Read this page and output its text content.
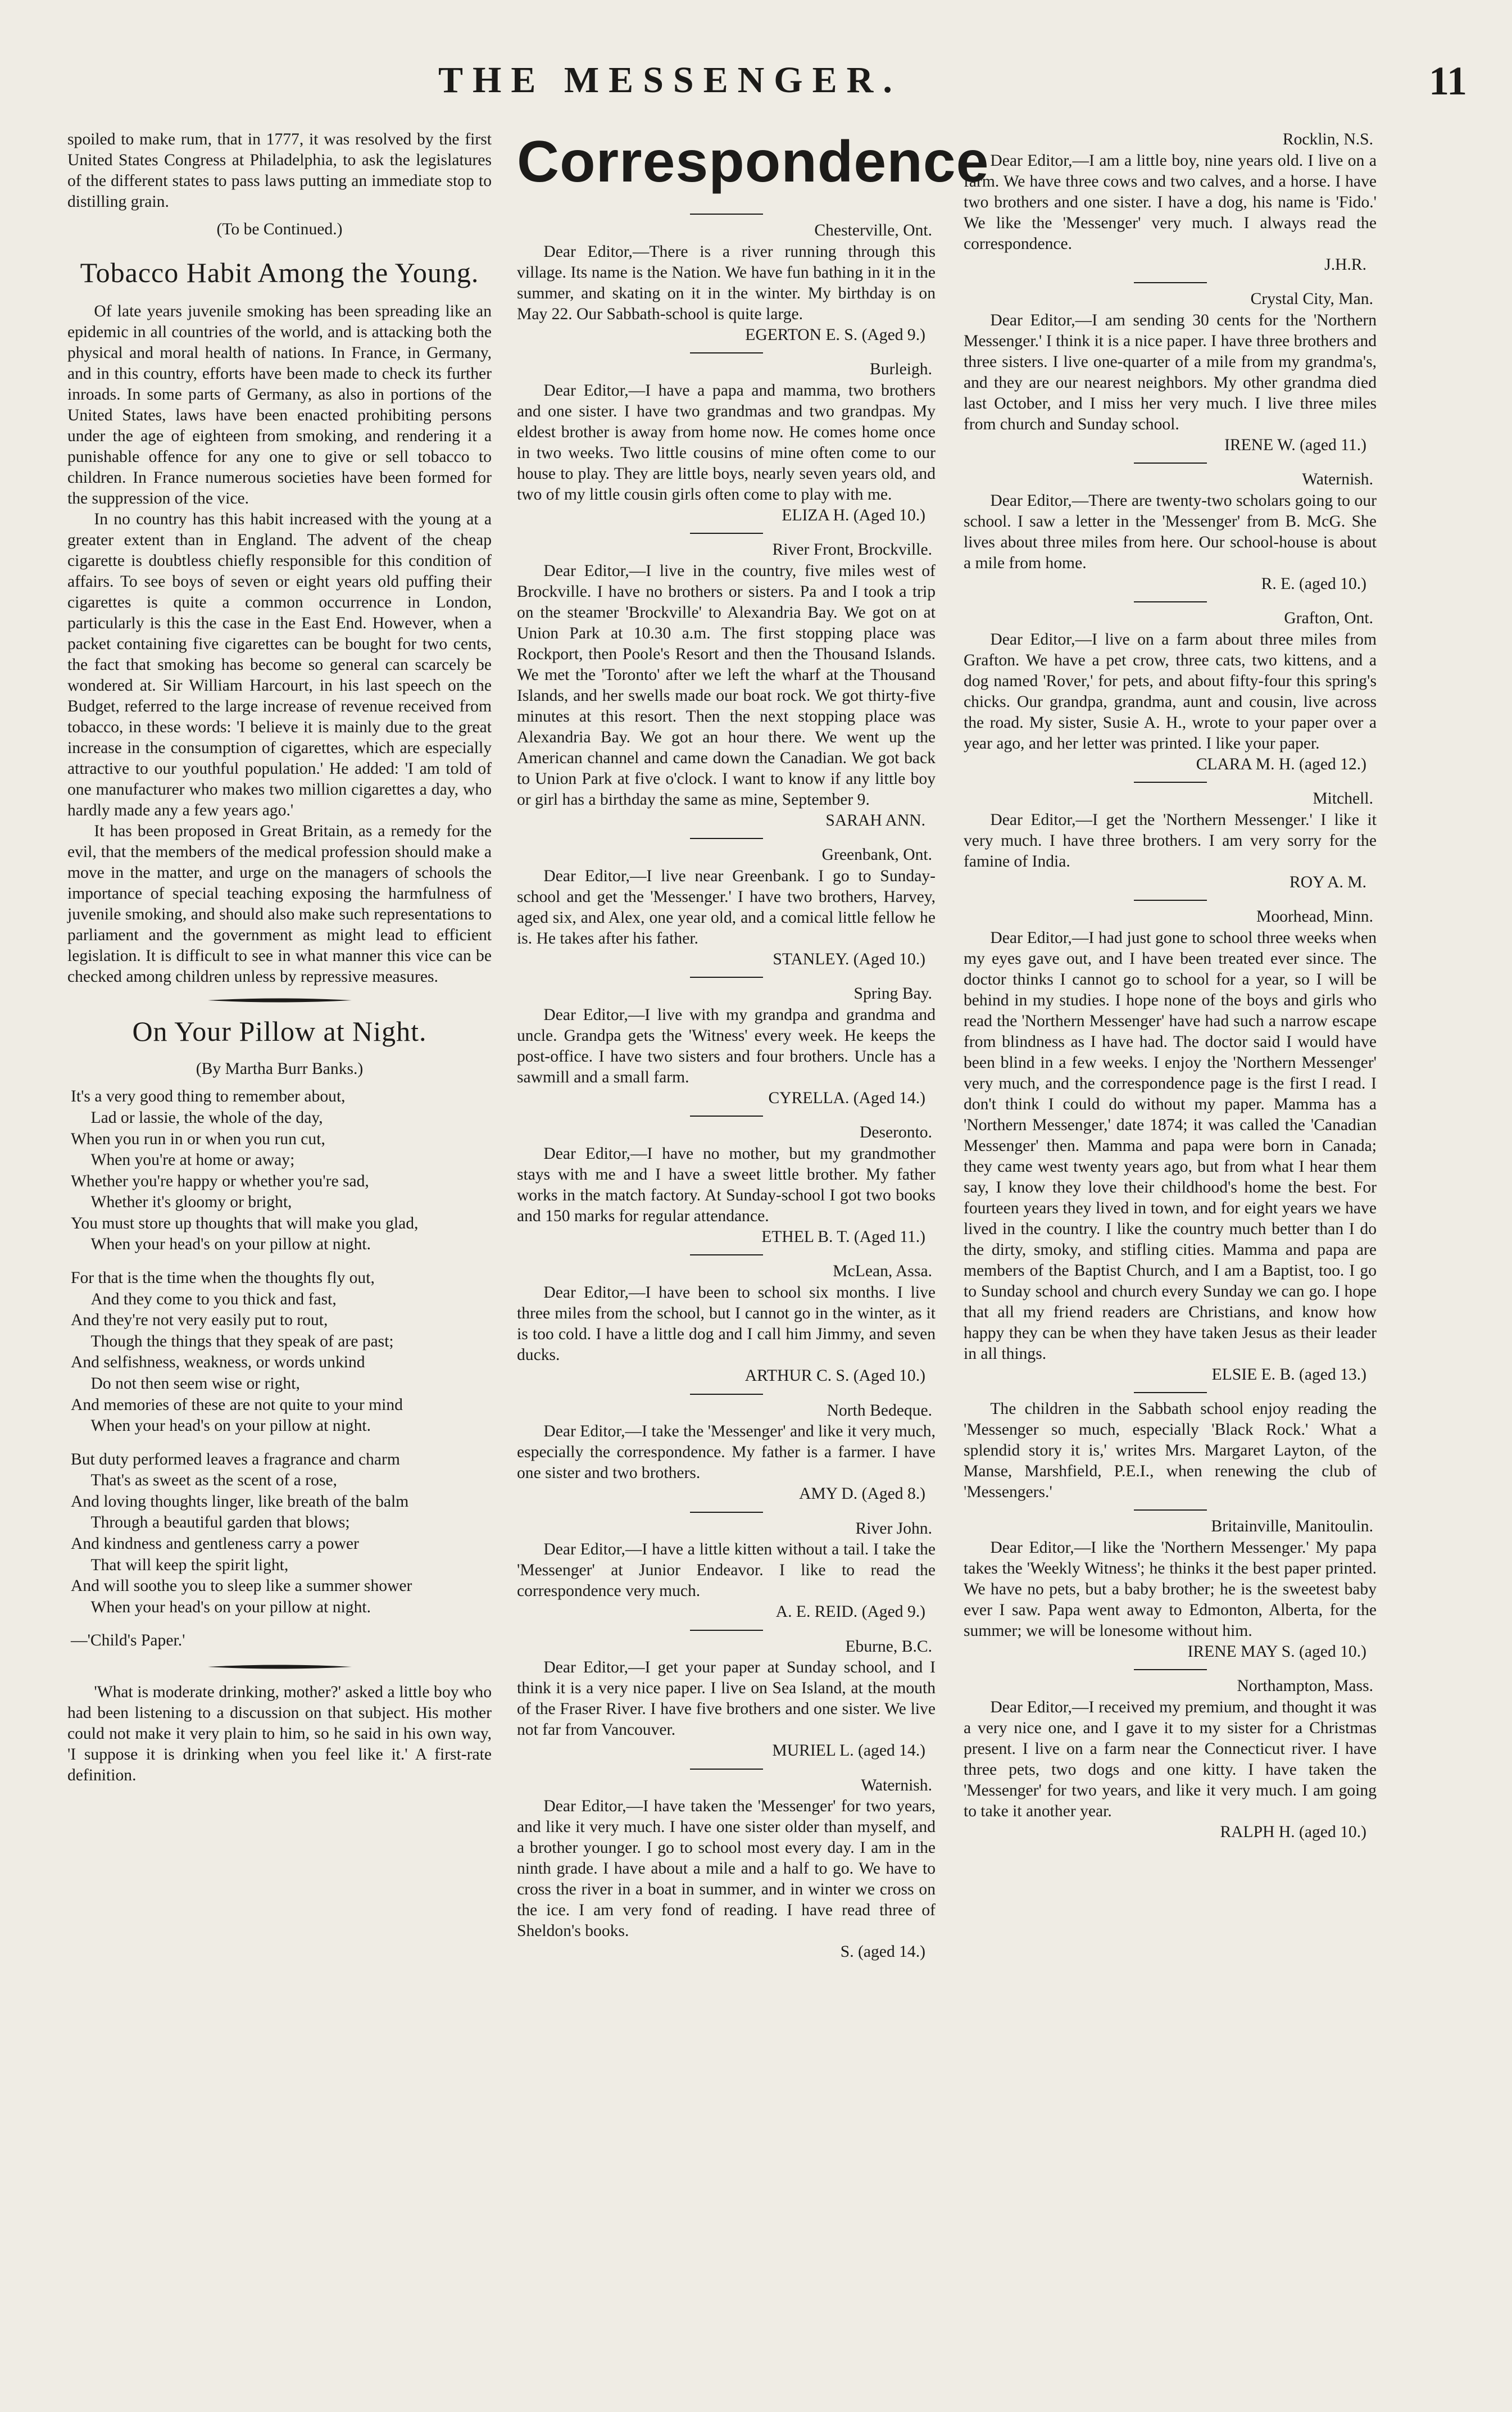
THE MESSENGER.	11

spoiled to make rum, that in 1777, it was resolved by the first United States Congress at Philadelphia, to ask the legislatures of the different states to pass laws putting an immediate stop to distilling grain.

(To be Continued.)

Tobacco Habit Among the Young.

Of late years juvenile smoking has been spreading like an epidemic in all countries of the world, and is attacking both the physical and moral health of nations. In France, in Germany, and in this country, efforts have been made to check its further inroads. In some parts of Germany, as also in portions of the United States, laws have been enacted prohibiting persons under the age of eighteen from smoking, and rendering it a punishable offence for any one to give or sell tobacco to children. In France numerous societies have been formed for the suppression of the vice.

In no country has this habit increased with the young at a greater extent than in England. The advent of the cheap cigarette is doubtless chiefly responsible for this condition of affairs. To see boys of seven or eight years old puffing their cigarettes is quite a common occurrence in London, particularly is this the case in the East End. However, when a packet containing five cigarettes can be bought for two cents, the fact that smoking has become so general can scarcely be wondered at. Sir William Harcourt, in his last speech on the Budget, referred to the large increase of revenue received from tobacco, in these words: 'I believe it is mainly due to the great increase in the consumption of cigarettes, which are especially attractive to our youthful population.' He added: 'I am told of one manufacturer who makes two million cigarettes a day, who hardly made any a few years ago.'

It has been proposed in Great Britain, as a remedy for the evil, that the members of the medical profession should make a move in the matter, and urge on the managers of schools the importance of special teaching exposing the harmfulness of juvenile smoking, and should also make such representations to parliament and the government as might lead to efficient legislation. It is difficult to see in what manner this vice can be checked among children unless by repressive measures.

On Your Pillow at Night.

(By Martha Burr Banks.)

It's a very good thing to remember about,
Lad or lassie, the whole of the day,
When you run in or when you run cut,
When you're at home or away;
Whether you're happy or whether you're sad,
Whether it's gloomy or bright,
You must store up thoughts that will make you glad,
When your head's on your pillow at night.
For that is the time when the thoughts fly out,
And they come to you thick and fast,
And they're not very easily put to rout,
Though the things that they speak of are past;
And selfishness, weakness, or words unkind
Do not then seem wise or right,
And memories of these are not quite to your mind
When your head's on your pillow at night.
But duty performed leaves a fragrance and charm
That's as sweet as the scent of a rose,
And loving thoughts linger, like breath of the balm
Through a beautiful garden that blows;
And kindness and gentleness carry a power
That will keep the spirit light,
And will soothe you to sleep like a summer shower
When your head's on your pillow at night.
—'Child's Paper.'

'What is moderate drinking, mother?' asked a little boy who had been listening to a discussion on that subject. His mother could not make it very plain to him, so he said in his own way, 'I suppose it is drinking when you feel like it.' A first-rate definition.

Correspondence

Chesterville, Ont.

Dear Editor,—There is a river running through this village. Its name is the Nation. We have fun bathing in it in the summer, and skating on it in the winter. My birthday is on May 22. Our Sabbath-school is quite large.

EGERTON E. S. (Aged 9.)

Burleigh.

Dear Editor,—I have a papa and mamma, two brothers and one sister. I have two grandmas and two grandpas. My eldest brother is away from home now. He comes home once in two weeks. Two little cousins of mine often come to our house to play. They are little boys, nearly seven years old, and two of my little cousin girls often come to play with me.

ELIZA H. (Aged 10.)

River Front, Brockville.

Dear Editor,—I live in the country, five miles west of Brockville. I have no brothers or sisters. Pa and I took a trip on the steamer 'Brockville' to Alexandria Bay. We got on at Union Park at 10.30 a.m. The first stopping place was Rockport, then Poole's Resort and then the Thousand Islands. We met the 'Toronto' after we left the wharf at the Thousand Islands, and her swells made our boat rock. We got thirty-five minutes at this resort. Then the next stopping place was Alexandria Bay. We got an hour there. We went up the American channel and came down the Canadian. We got back to Union Park at five o'clock. I want to know if any little boy or girl has a birthday the same as mine, September 9.

SARAH ANN.

Greenbank, Ont.

Dear Editor,—I live near Greenbank. I go to Sunday-school and get the 'Messenger.' I have two brothers, Harvey, aged six, and Alex, one year old, and a comical little fellow he is. He takes after his father.

STANLEY. (Aged 10.)

Spring Bay.

Dear Editor,—I live with my grandpa and grandma and uncle. Grandpa gets the 'Witness' every week. He keeps the post-office. I have two sisters and four brothers. Uncle has a sawmill and a small farm.

CYRELLA. (Aged 14.)

Deseronto.

Dear Editor,—I have no mother, but my grandmother stays with me and I have a sweet little brother. My father works in the match factory. At Sunday-school I got two books and 150 marks for regular attendance.

ETHEL B. T. (Aged 11.)

McLean, Assa.

Dear Editor,—I have been to school six months. I live three miles from the school, but I cannot go in the winter, as it is too cold. I have a little dog and I call him Jimmy, and seven ducks.

ARTHUR C. S. (Aged 10.)

North Bedeque.

Dear Editor,—I take the 'Messenger' and like it very much, especially the correspondence. My father is a farmer. I have one sister and two brothers.

AMY D. (Aged 8.)

River John.

Dear Editor,—I have a little kitten without a tail. I take the 'Messenger' at Junior Endeavor. I like to read the correspondence very much.

A. E. REID. (Aged 9.)

Eburne, B.C.

Dear Editor,—I get your paper at Sunday school, and I think it is a very nice paper. I live on Sea Island, at the mouth of the Fraser River. I have five brothers and one sister. We live not far from Vancouver.

MURIEL L. (aged 14.)

Waternish.

Dear Editor,—I have taken the 'Messenger' for two years, and like it very much. I have one sister older than myself, and a brother younger. I go to school most every day. I am in the ninth grade. I have about a mile and a half to go. We have to cross the river in a boat in summer, and in winter we cross on the ice. I am very fond of reading. I have read three of Sheldon's books.

S. (aged 14.)

Rocklin, N.S.

Dear Editor,—I am a little boy, nine years old. I live on a farm. We have three cows and two calves, and a horse. I have two brothers and one sister. I have a dog, his name is 'Fido.' We like the 'Messenger' very much. I always read the correspondence.

J.H.R.

Crystal City, Man.

Dear Editor,—I am sending 30 cents for the 'Northern Messenger.' I think it is a nice paper. I have three brothers and three sisters. I live one-quarter of a mile from my grandma's, and they are our nearest neighbors. My other grandma died last October, and I miss her very much. I live three miles from church and Sunday school.

IRENE W. (aged 11.)

Waternish.

Dear Editor,—There are twenty-two scholars going to our school. I saw a letter in the 'Messenger' from B. McG. She lives about three miles from here. Our school-house is about a mile from home.

R. E. (aged 10.)

Grafton, Ont.

Dear Editor,—I live on a farm about three miles from Grafton. We have a pet crow, three cats, two kittens, and a dog named 'Rover,' for pets, and about fifty-four this spring's chicks. Our grandpa, grandma, aunt and cousin, live across the road. My sister, Susie A. H., wrote to your paper over a year ago, and her letter was printed. I like your paper.

CLARA M. H. (aged 12.)

Mitchell.

Dear Editor,—I get the 'Northern Messenger.' I like it very much. I have three brothers. I am very sorry for the famine of India.

ROY A. M.

Moorhead, Minn.

Dear Editor,—I had just gone to school three weeks when my eyes gave out, and I have been treated ever since. The doctor thinks I cannot go to school for a year, so I will be behind in my studies. I hope none of the boys and girls who read the 'Northern Messenger' have had such a narrow escape from blindness as I have had. The doctor said I would have been blind in a few weeks. I enjoy the 'Northern Messenger' very much, and the correspondence page is the first I read. I don't think I could do without my paper. Mamma has a 'Northern Messenger,' date 1874; it was called the 'Canadian Messenger' then. Mamma and papa were born in Canada; they came west twenty years ago, but from what I hear them say, I know they love their childhood's home the best. For fourteen years they lived in town, and for eight years we have lived in the country. I like the country much better than I do the dirty, smoky, and stifling cities. Mamma and papa are members of the Baptist Church, and I am a Baptist, too. I go to Sunday school and church every Sunday we can go. I hope that all my friend readers are Christians, and know how happy they can be when they have taken Jesus as their leader in all things.

ELSIE E. B. (aged 13.)

The children in the Sabbath school enjoy reading the 'Messenger so much, especially 'Black Rock.' What a splendid story it is,' writes Mrs. Margaret Layton, of the Manse, Marshfield, P.E.I., when renewing the club of 'Messengers.'

Britainville, Manitoulin.

Dear Editor,—I like the 'Northern Messenger.' My papa takes the 'Weekly Witness'; he thinks it the best paper printed. We have no pets, but a baby brother; he is the sweetest baby ever I saw. Papa went away to Edmonton, Alberta, for the summer; we will be lonesome without him.

IRENE MAY S. (aged 10.)

Northampton, Mass.

Dear Editor,—I received my premium, and thought it was a very nice one, and I gave it to my sister for a Christmas present. I live on a farm near the Connecticut river. I have three pets, two dogs and one kitty. I have taken the 'Messenger' for two years, and like it very much. I am going to take it another year.

RALPH H. (aged 10.)
